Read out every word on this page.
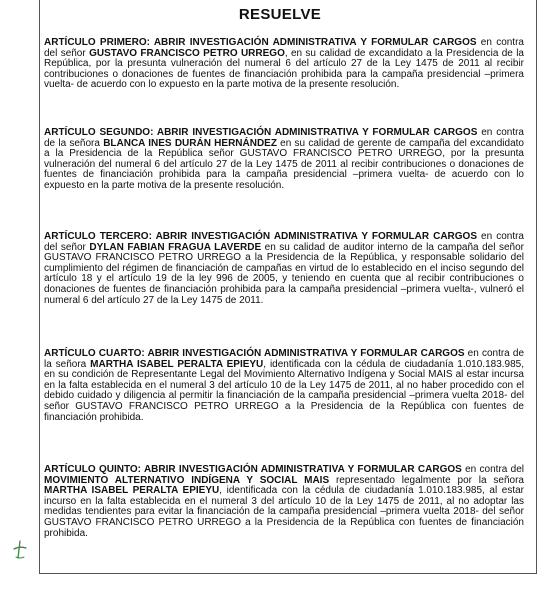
RESUELVE

ARTÍCULO PRIMERO: ABRIR INVESTIGACIÓN ADMINISTRATIVA Y FORMULAR CARGOS en contra del señor GUSTAVO FRANCISCO PETRO URREGO, en su calidad de excandidato a la Presidencia de la República, por la presunta vulneración del numeral 6 del artículo 27 de la Ley 1475 de 2011 al recibir contribuciones o donaciones de fuentes de financiación prohibida para la campaña presidencial –primera vuelta- de acuerdo con lo expuesto en la parte motiva de la presente resolución.

ARTÍCULO SEGUNDO: ABRIR INVESTIGACIÓN ADMINISTRATIVA Y FORMULAR CARGOS en contra de la señora BLANCA INES DURÁN HERNÁNDEZ en su calidad de gerente de campaña del excandidato a la Presidencia de la República señor GUSTAVO FRANCISCO PETRO URREGO, por la presunta vulneración del numeral 6 del artículo 27 de la Ley 1475 de 2011 al recibir contribuciones o donaciones de fuentes de financiación prohibida para la campaña presidencial –primera vuelta- de acuerdo con lo expuesto en la parte motiva de la presente resolución.

ARTÍCULO TERCERO: ABRIR INVESTIGACIÓN ADMINISTRATIVA Y FORMULAR CARGOS en contra del señor DYLAN FABIAN FRAGUA LAVERDE en su calidad de auditor interno de la campaña del señor GUSTAVO FRANCISCO PETRO URREGO a la Presidencia de la República, y responsable solidario del cumplimiento del régimen de financiación de campañas en virtud de lo establecido en el inciso segundo del artículo 18 y el artículo 19 de la ley 996 de 2005, y teniendo en cuenta que al recibir contribuciones o donaciones de fuentes de financiación prohibida para la campaña presidencial –primera vuelta-, vulneró el numeral 6 del artículo 27 de la Ley 1475 de 2011.

ARTÍCULO CUARTO: ABRIR INVESTIGACIÓN ADMINISTRATIVA Y FORMULAR CARGOS en contra de la señora MARTHA ISABEL PERALTA EPIEYU, identificada con la cédula de ciudadanía 1.010.183.985, en su condición de Representante Legal del Movimiento Alternativo Indígena y Social MAIS al estar incursa en la falta establecida en el numeral 3 del artículo 10 de la Ley 1475 de 2011, al no haber procedido con el debido cuidado y diligencia al permitir la financiación de la campaña presidencial –primera vuelta 2018- del señor GUSTAVO FRANCISCO PETRO URREGO a la Presidencia de la República con fuentes de financiación prohibida.

ARTÍCULO QUINTO: ABRIR INVESTIGACIÓN ADMINISTRATIVA Y FORMULAR CARGOS en contra del MOVIMIENTO ALTERNATIVO INDÍGENA Y SOCIAL MAIS representado legalmente por la señora MARTHA ISABEL PERALTA EPIEYU, identificada con la cédula de ciudadanía 1.010.183.985, al estar incurso en la falta establecida en el numeral 3 del artículo 10 de la Ley 1475 de 2011, al no adoptar las medidas tendientes para evitar la financiación de la campaña presidencial –primera vuelta 2018- del señor GUSTAVO FRANCISCO PETRO URREGO a la Presidencia de la República con fuentes de financiación prohibida.
